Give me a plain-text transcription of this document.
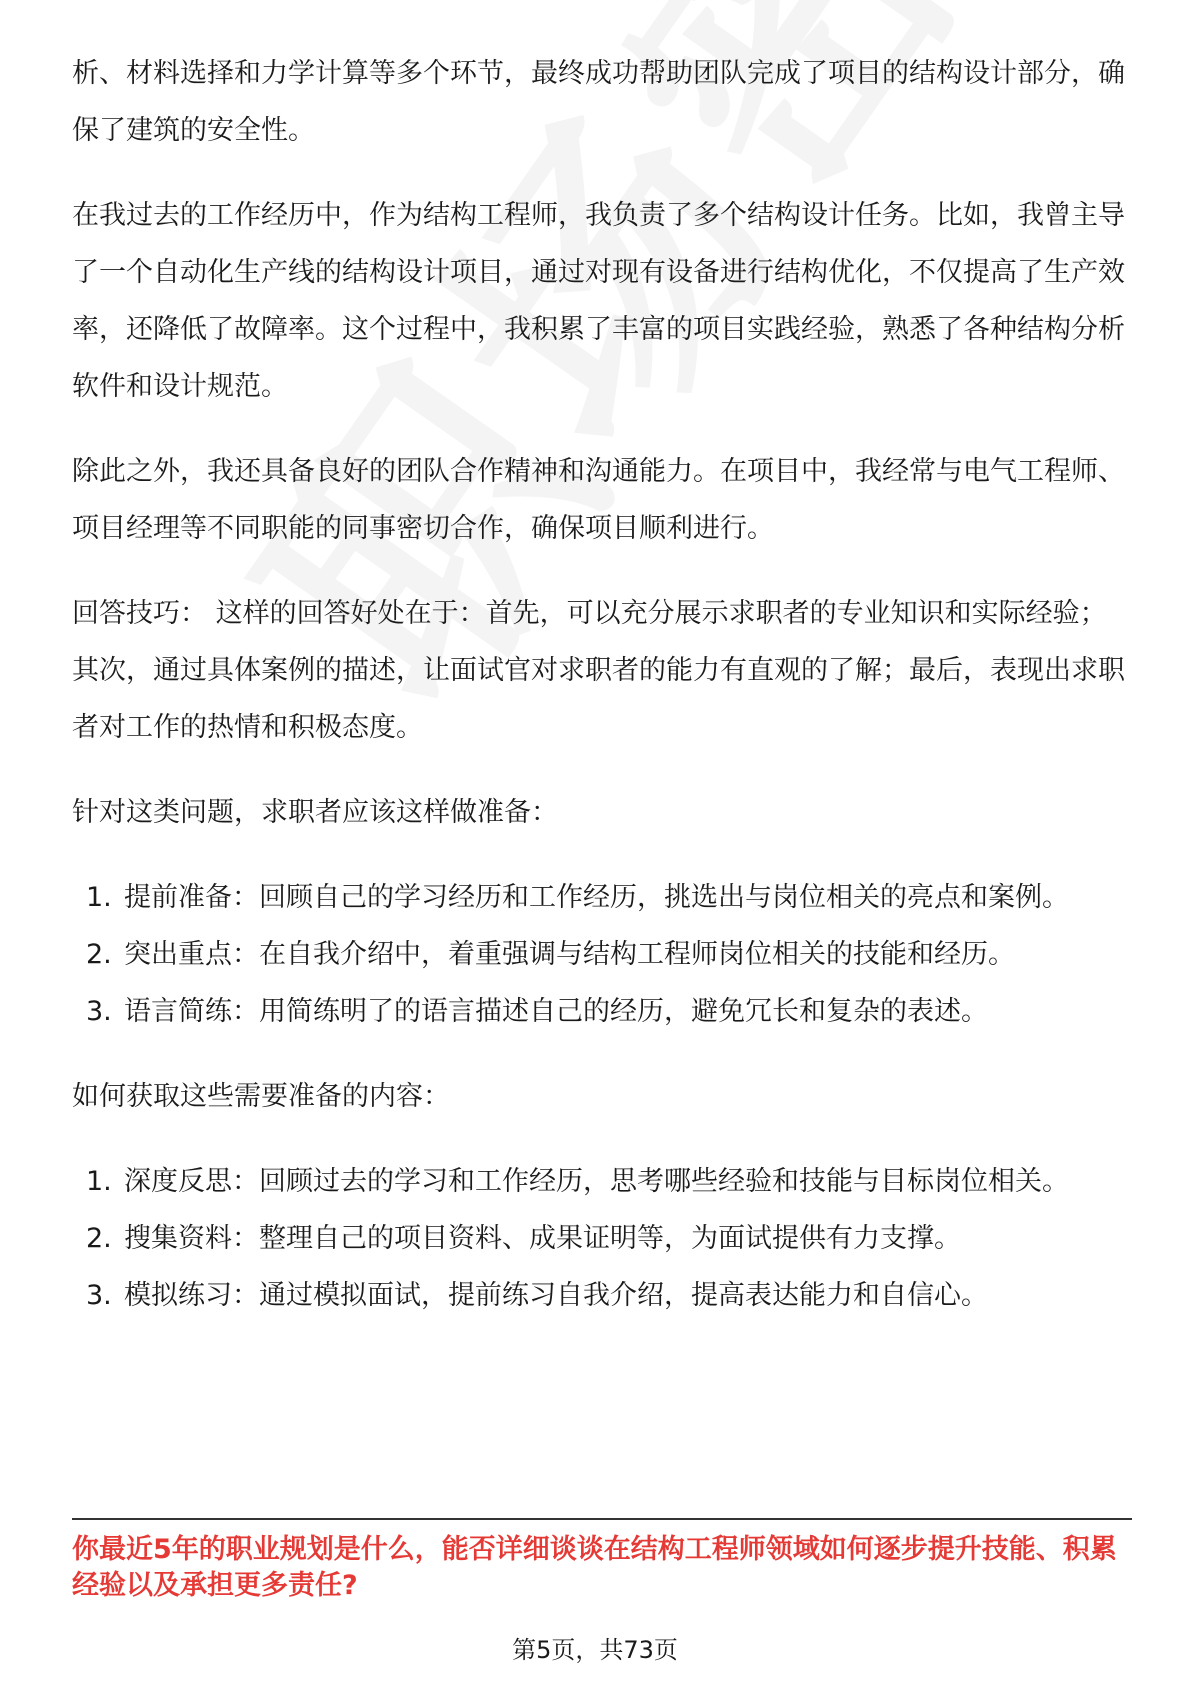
析、材料选择和力学计算等多个环节，最终成功帮助团队完成了项目的结构设计部分，确保了建筑的安全性。

在我过去的工作经历中，作为结构工程师，我负责了多个结构设计任务。比如，我曾主导了一个自动化生产线的结构设计项目，通过对现有设备进行结构优化，不仅提高了生产效率，还降低了故障率。这个过程中，我积累了丰富的项目实践经验，熟悉了各种结构分析软件和设计规范。

除此之外，我还具备良好的团队合作精神和沟通能力。在项目中，我经常与电气工程师、项目经理等不同职能的同事密切合作，确保项目顺利进行。

回答技巧： 这样的回答好处在于：首先，可以充分展示求职者的专业知识和实际经验；其次，通过具体案例的描述，让面试官对求职者的能力有直观的了解；最后，表现出求职者对工作的热情和积极态度。

针对这类问题，求职者应该这样做准备：

1. 提前准备：回顾自己的学习经历和工作经历，挑选出与岗位相关的亮点和案例。
2. 突出重点：在自我介绍中，着重强调与结构工程师岗位相关的技能和经历。
3. 语言简练：用简练明了的语言描述自己的经历，避免冗长和复杂的表述。

如何获取这些需要准备的内容：

1. 深度反思：回顾过去的学习和工作经历，思考哪些经验和技能与目标岗位相关。
2. 搜集资料：整理自己的项目资料、成果证明等，为面试提供有力支撑。
3. 模拟练习：通过模拟面试，提前练习自我介绍，提高表达能力和自信心。
你最近5年的职业规划是什么，能否详细谈谈在结构工程师领域如何逐步提升技能、积累经验以及承担更多责任?
第5页，共73页
